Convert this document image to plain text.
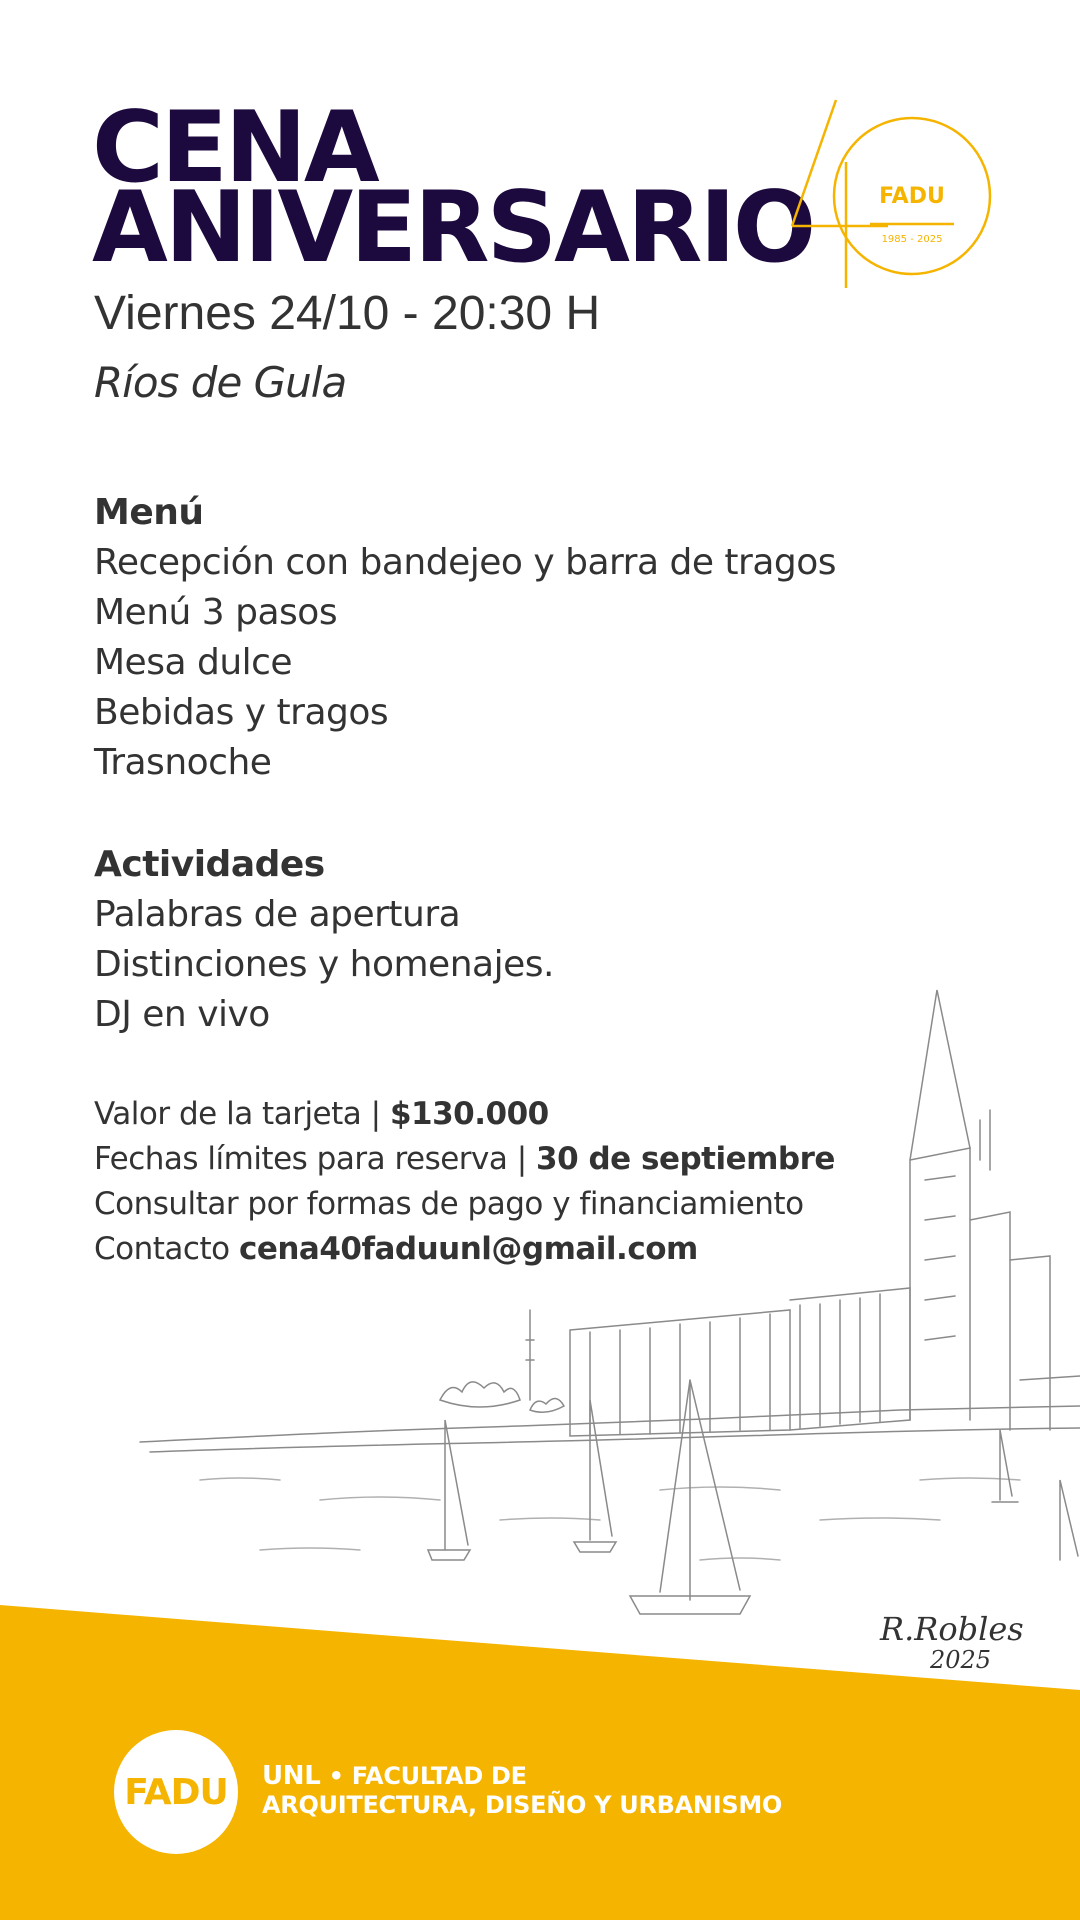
CENA
ANIVERSARIO
Viernes 24/10 - 20:30 H
Ríos de Gula
Menú
Recepción con bandejeo y barra de tragos
Menú 3 pasos
Mesa dulce
Bebidas y tragos
Trasnoche
Actividades
Palabras de apertura
Distinciones y homenajes.
DJ en vivo
Valor de la tarjeta | $130.000
Fechas límites para reserva | 30 de septiembre
Consultar por formas de pago y financiamiento
Contacto cena40faduunl@gmail.com
FADU
1985 - 2025
R.Robles
2025
FADU	UNL • FACULTAD DE
ARQUITECTURA, DISEÑO Y URBANISMO
